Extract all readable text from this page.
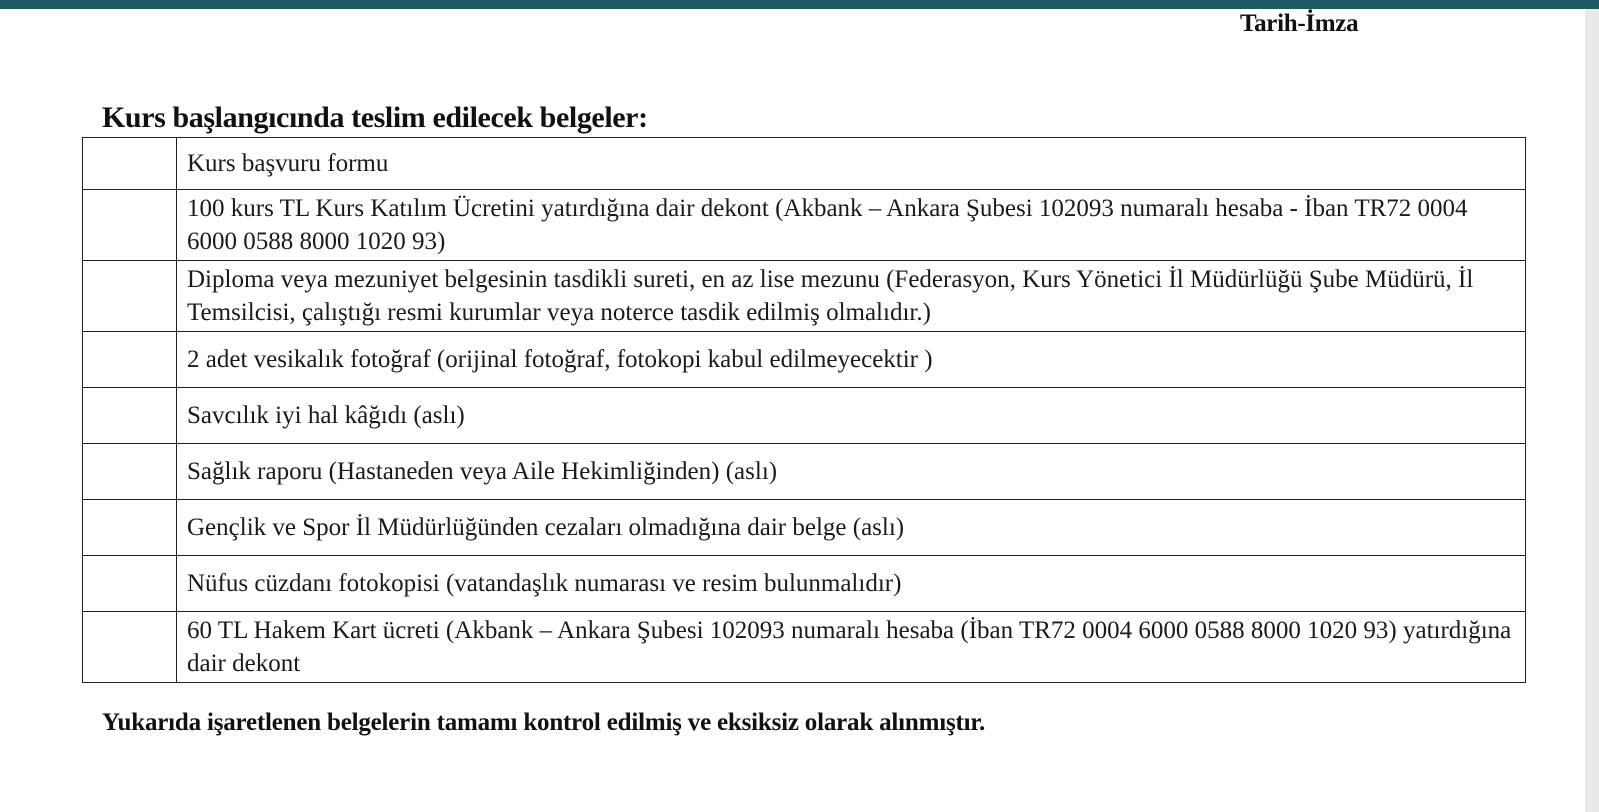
Tarih-İmza
Kurs başlangıcında teslim edilecek belgeler:
	Kurs başvuru formu
	100 kurs TL Kurs Katılım Ücretini yatırdığına dair dekont (Akbank – Ankara Şubesi 102093 numaralı hesaba - İban TR72 0004 6000 0588 8000 1020 93)
	Diploma veya mezuniyet belgesinin tasdikli sureti, en az lise mezunu (Federasyon, Kurs Yönetici İl Müdürlüğü Şube Müdürü, İl Temsilcisi, çalıştığı resmi kurumlar veya noterce tasdik edilmiş olmalıdır.)
	2 adet vesikalık fotoğraf (orijinal fotoğraf, fotokopi kabul edilmeyecektir )
	Savcılık iyi hal kâğıdı (aslı)
	Sağlık raporu (Hastaneden veya Aile Hekimliğinden) (aslı)
	Gençlik ve Spor İl Müdürlüğünden cezaları olmadığına dair belge (aslı)
	Nüfus cüzdanı fotokopisi (vatandaşlık numarası ve resim bulunmalıdır)
	60 TL Hakem Kart ücreti (Akbank – Ankara Şubesi 102093 numaralı hesaba (İban TR72 0004 6000 0588 8000 1020 93) yatırdığına dair dekont
Yukarıda işaretlenen belgelerin tamamı kontrol edilmiş ve eksiksiz olarak alınmıştır.
